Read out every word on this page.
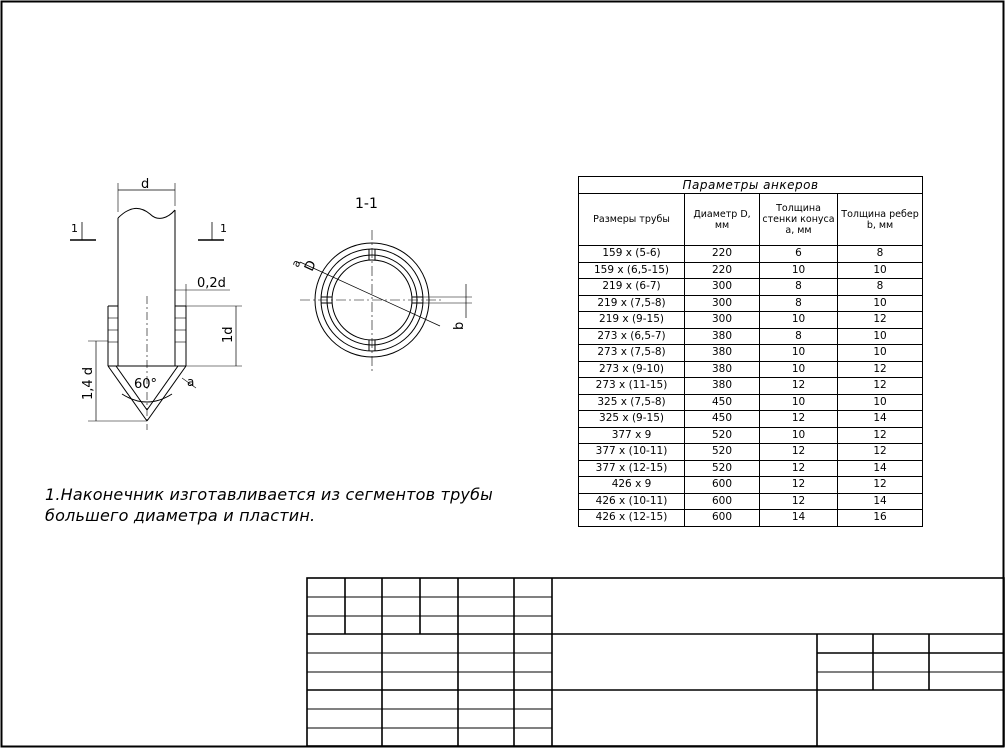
d
0,2d
1d
1,4 d	60° a
1	1
1-1
a
D
b
1.Наконечник изготавливается из сегментов трубы
большего диаметра и пластин.
Параметры анкеров			
Размеры трубы	Диаметр D, мм	Толщина стенки конуса a, мм	Толщина ребер b, мм
159 x (5-6)	220	6	8
159 x (6,5-15)	220	10	10
219 x (6-7)	300	8	8
219 x (7,5-8)	300	8	10
219 x (9-15)	300	10	12
273 x (6,5-7)	380	8	10
273 x (7,5-8)	380	10	10
273 x (9-10)	380	10	12
273 x (11-15)	380	12	12
325 x (7,5-8)	450	10	10
325 x (9-15)	450	12	14
377 x 9	520	10	12
377 x (10-11)	520	12	12
377 x (12-15)	520	12	14
426 x 9	600	12	12
426 x (10-11)	600	12	14
426 x (12-15)	600	14	16
